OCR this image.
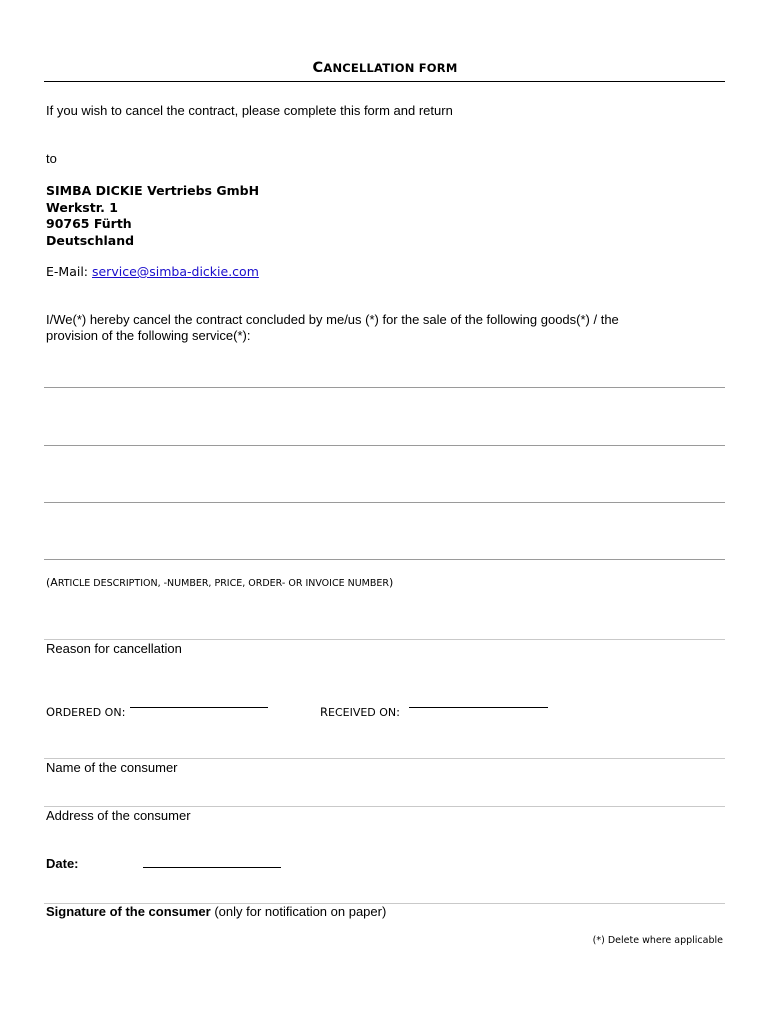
CANCELLATION FORM
If you wish to cancel the contract, please complete this form and return
to
SIMBA DICKIE Vertriebs GmbH
Werkstr. 1
90765 Fürth
Deutschland
E-Mail: service@simba-dickie.com
I/We(*) hereby cancel the contract concluded by me/us (*) for the sale of the following goods(*) / the
provision of the following service(*):
(ARTICLE DESCRIPTION, -NUMBER, PRICE, ORDER- OR INVOICE NUMBER)
Reason for cancellation
ORDERED ON:	RECEIVED ON:
Name of the consumer
Address of the consumer
Date:
Signature of the consumer (only for notification on paper)
(*) Delete where applicable
